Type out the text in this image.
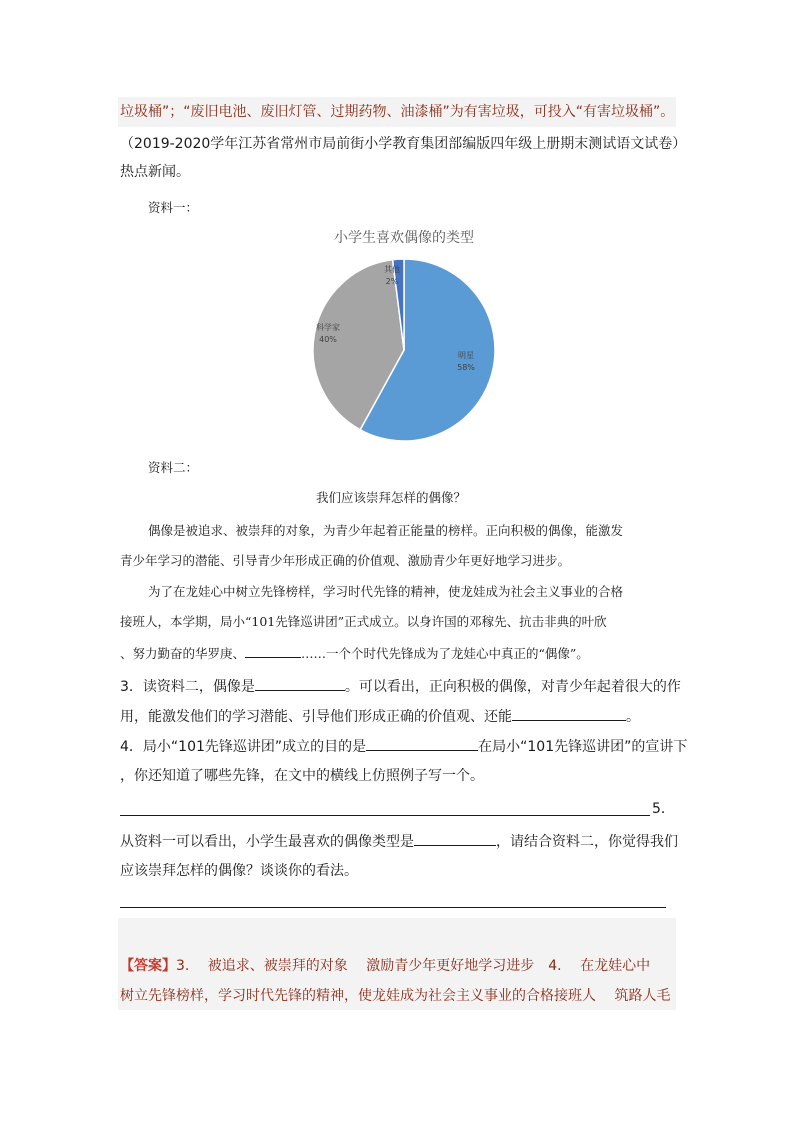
垃圾桶”；“废旧电池、废旧灯管、过期药物、油漆桶”为有害垃圾，可投入“有害垃圾桶”。
（2019-2020学年江苏省常州市局前街小学教育集团部编版四年级上册期末测试语文试卷）
热点新闻。
资料一：
小学生喜欢偶像的类型
明星
58%
科学家
40%
其他
2%
资料二：
我们应该崇拜怎样的偶像？
偶像是被追求、被崇拜的对象，为青少年起着正能量的榜样。正向积极的偶像，能激发
青少年学习的潜能、引导青少年形成正确的价值观、激励青少年更好地学习进步。
为了在龙娃心中树立先锋榜样，学习时代先锋的精神，使龙娃成为社会主义事业的合格
接班人，本学期，局小“101先锋巡讲团”正式成立。以身许国的邓稼先、抗击非典的叶欣
、努力勤奋的华罗庚、	……一个个时代先锋成为了龙娃心中真正的“偶像”。
3．读资料二，偶像是	。可以看出，正向积极的偶像，对青少年起着很大的作
用，能激发他们的学习潜能、引导他们形成正确的价值观、还能	。
4．局小“101先锋巡讲团”成立的目的是	在局小“101先锋巡讲团”的宣讲下
，你还知道了哪些先锋，在文中的横线上仿照例子写一个。
5．
从资料一可以看出，小学生最喜欢的偶像类型是	，请结合资料二，你觉得我们
应该崇拜怎样的偶像？谈谈你的看法。
【答案】3.　 被追求、被崇拜的对象　 激励青少年更好地学习进步　4.　 在龙娃心中
树立先锋榜样，学习时代先锋的精神，使龙娃成为社会主义事业的合格接班人　 筑路人毛
